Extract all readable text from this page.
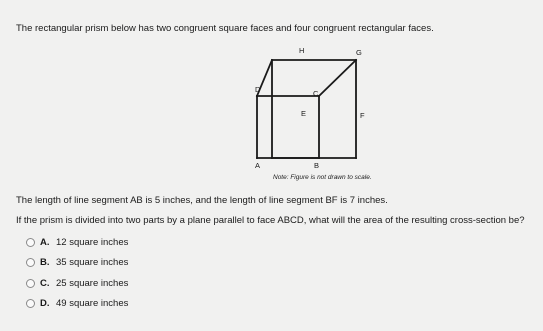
The rectangular prism below has two congruent square faces and four congruent rectangular faces.
H	G
D	C
E	F
A	B
Note: Figure is not drawn to scale.
The length of line segment AB is 5 inches, and the length of line segment BF is 7 inches.
If the prism is divided into two parts by a plane parallel to face ABCD, what will the area of the resulting cross-section be?
A. 12 square inches
B. 35 square inches
C. 25 square inches
D. 49 square inches
